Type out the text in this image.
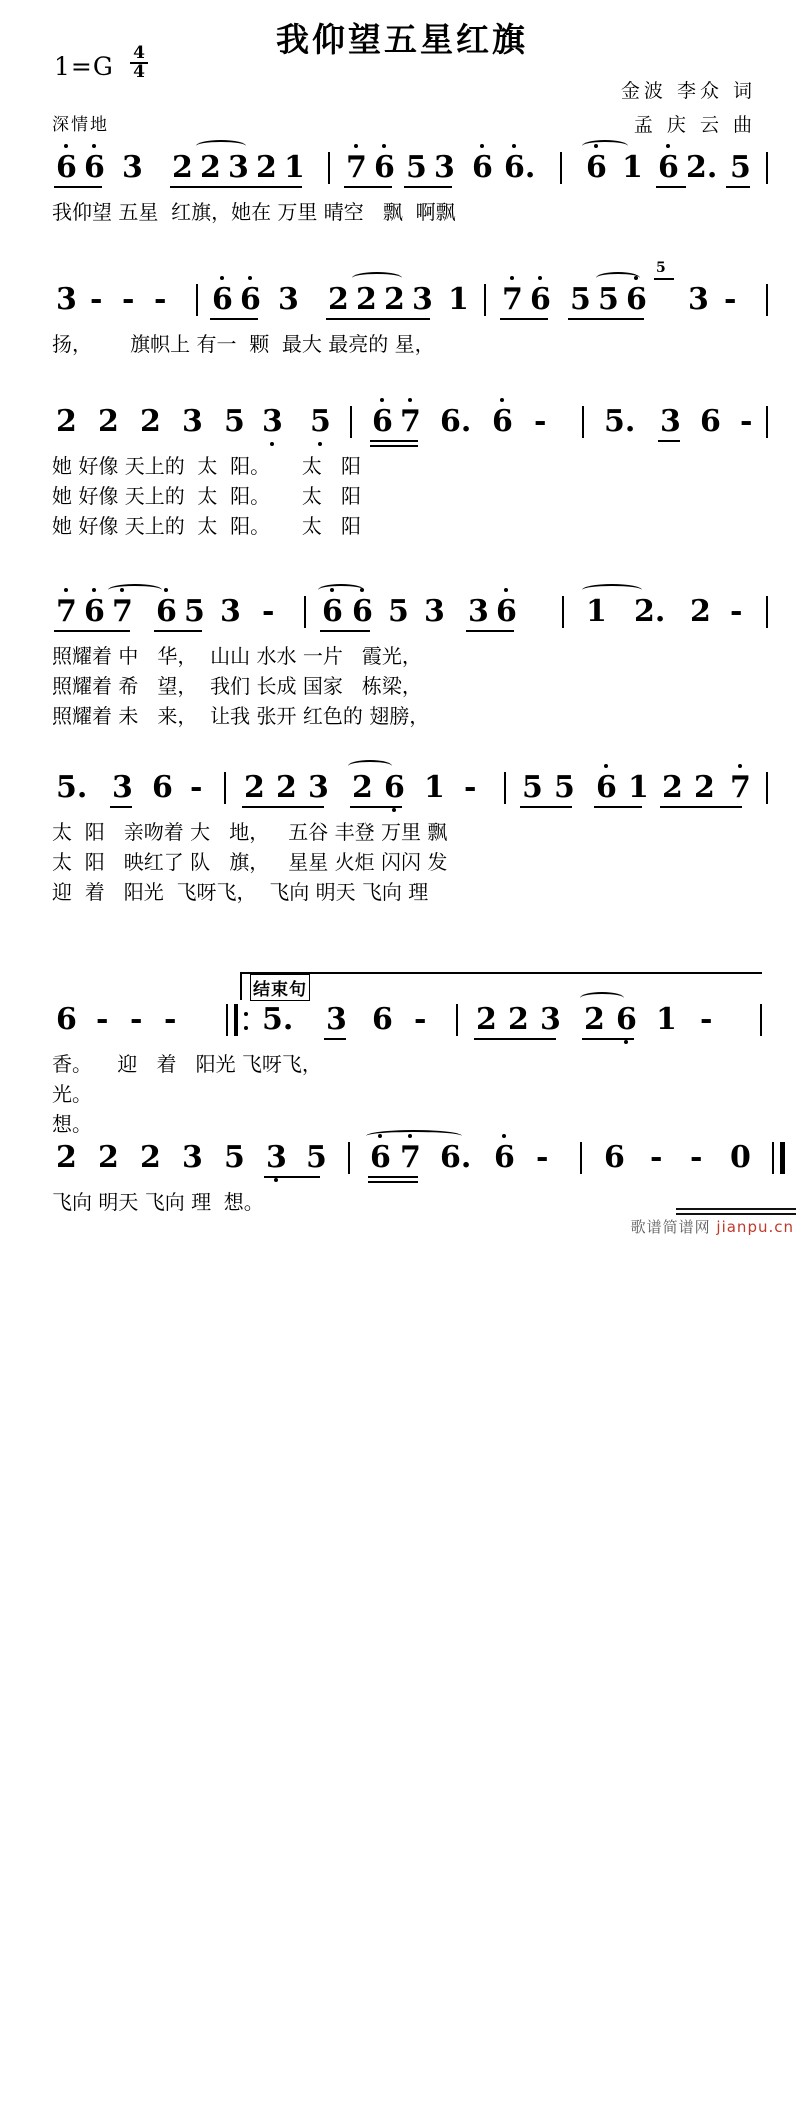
我仰望五星红旗
1=G 4
4
金波 李众 词
孟 庆 云 曲
深情地

6

6

3

2 2

3 2

1

7

6

5

3

6

6.

6

1

6

2.

5

我仰望 五星  红旗，她在 万里 晴空   飘  啊飘

3

- - -

6

6

3

2 2

2 3

1

7

6

5 5

6

3

-

5

扬，      旗帜上 有一  颗  最大 最亮的 星，

2

2

2

3

5

3

5

6

7

6.

6

-

5.

3

6

-

她 好像 天上的  太  阳。     太   阳

她 好像 天上的  太  阳。     太   阳

她 好像 天上的  太  阳。     太   阳

7

6

7

6

5

3

-

6

6

5

3

3

6

1

2.

2

-

照耀着 中   华，  山山 水水 一片   霞光，

照耀着 希   望，  我们 长成 国家   栋梁，

照耀着 未   来，  让我 张开 红色的 翅膀，

5.

3

6

-

2

2

3

2

6

1

-

5

5

6

1

2

2

7

太  阳   亲吻着 大   地，   五谷 丰登 万里 飘

太  阳   映红了 队   旗，   星星 火炬 闪闪 发

迎  着   阳光  飞呀飞，  飞向 明天 飞向 理

结束句

6

- - -

	5.

3

6

-

2

2

3

2

6

1

-

香。    迎   着   阳光 飞呀飞，

光。

想。

2

2

2

3

5

3

5

6

7

6.

6

-

6

-

-

0

飞向 明天 飞向 理  想。

歌谱简谱网 jianpu.cn
